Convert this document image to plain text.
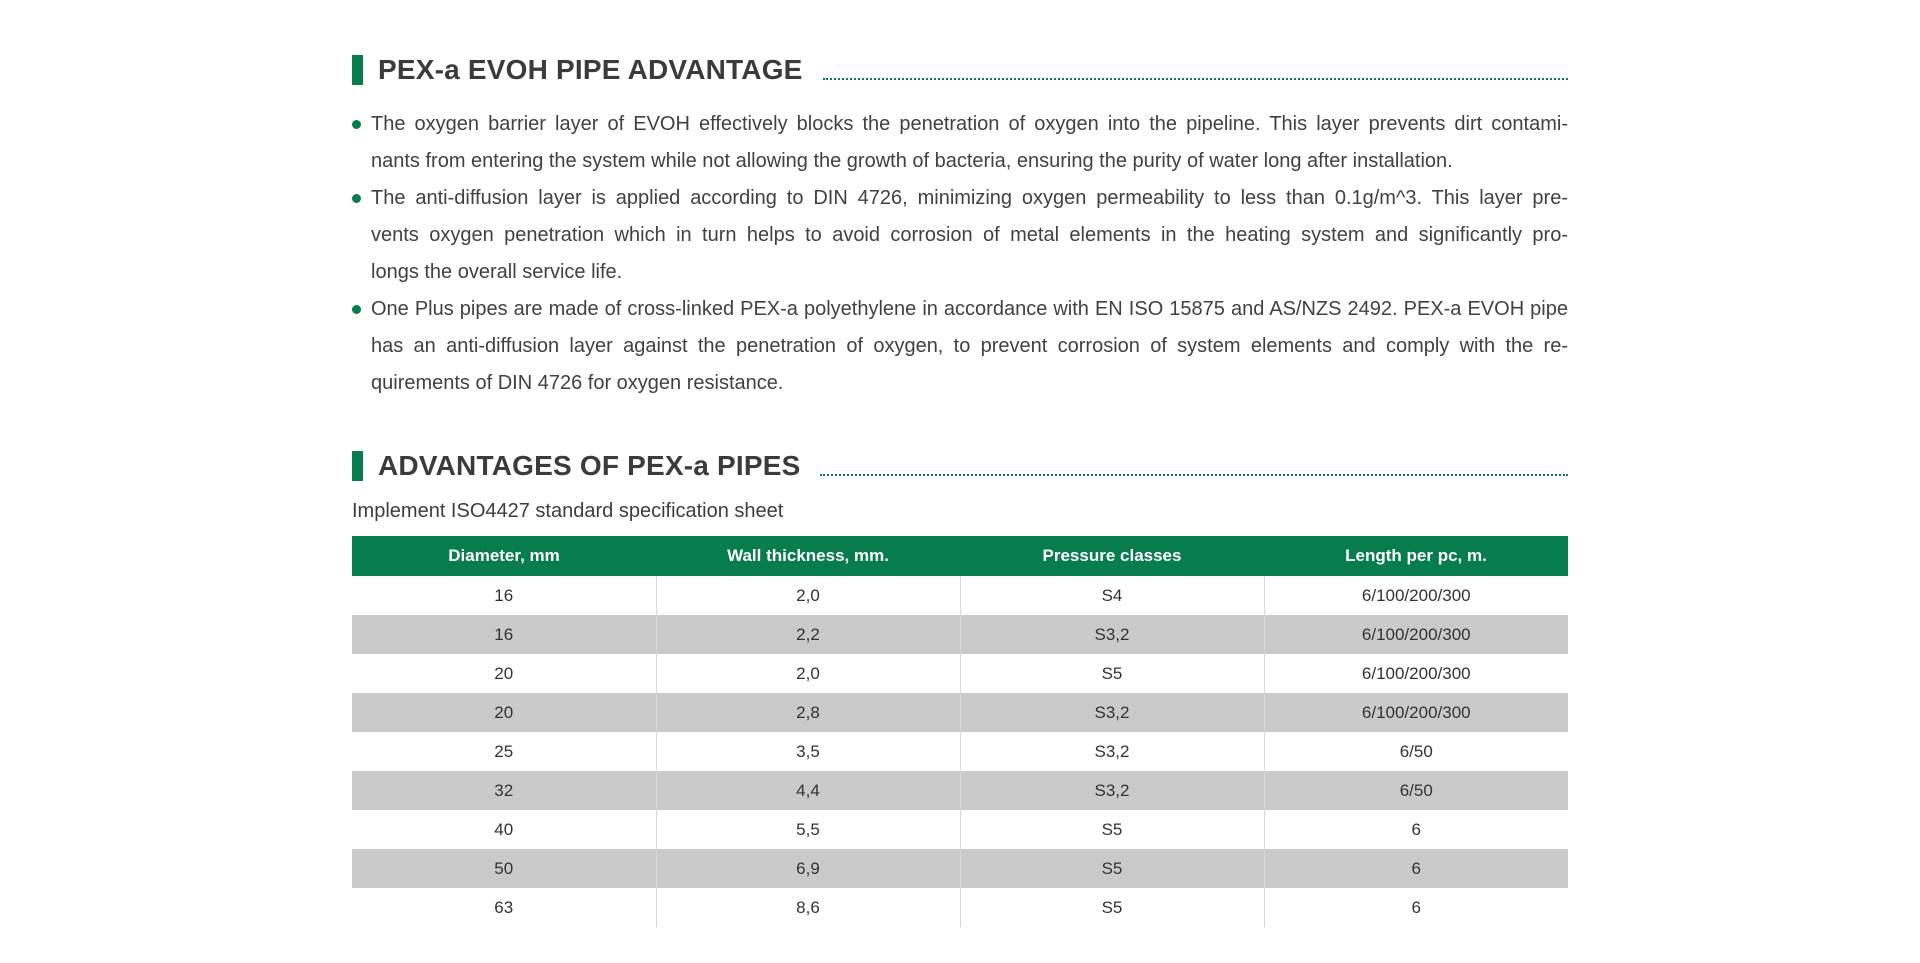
PEX-a EVOH PIPE ADVANTAGE
The oxygen barrier layer of EVOH effectively blocks the penetration of oxygen into the pipeline. This layer prevents dirt contami-
nants from entering the system while not allowing the growth of bacteria, ensuring the purity of water long after installation.
The anti-diffusion layer is applied according to DIN 4726, minimizing oxygen permeability to less than 0.1g/m^3. This layer pre-
vents oxygen penetration which in turn helps to avoid corrosion of metal elements in the heating system and significantly pro-
longs the overall service life.
One Plus pipes are made of cross-linked PEX-a polyethylene in accordance with EN ISO 15875 and AS/NZS 2492. PEX-a EVOH pipe
has an anti-diffusion layer against the penetration of oxygen, to prevent corrosion of system elements and comply with the re-
quirements of DIN 4726 for oxygen resistance.
ADVANTAGES OF PEX-a PIPES
Implement ISO4427 standard specification sheet
Diameter, mm	Wall thickness, mm.	Pressure classes	Length per pc, m.
16	2,0	S4	6/100/200/300
16	2,2	S3,2	6/100/200/300
20	2,0	S5	6/100/200/300
20	2,8	S3,2	6/100/200/300
25	3,5	S3,2	6/50
32	4,4	S3,2	6/50
40	5,5	S5	6
50	6,9	S5	6
63	8,6	S5	6
